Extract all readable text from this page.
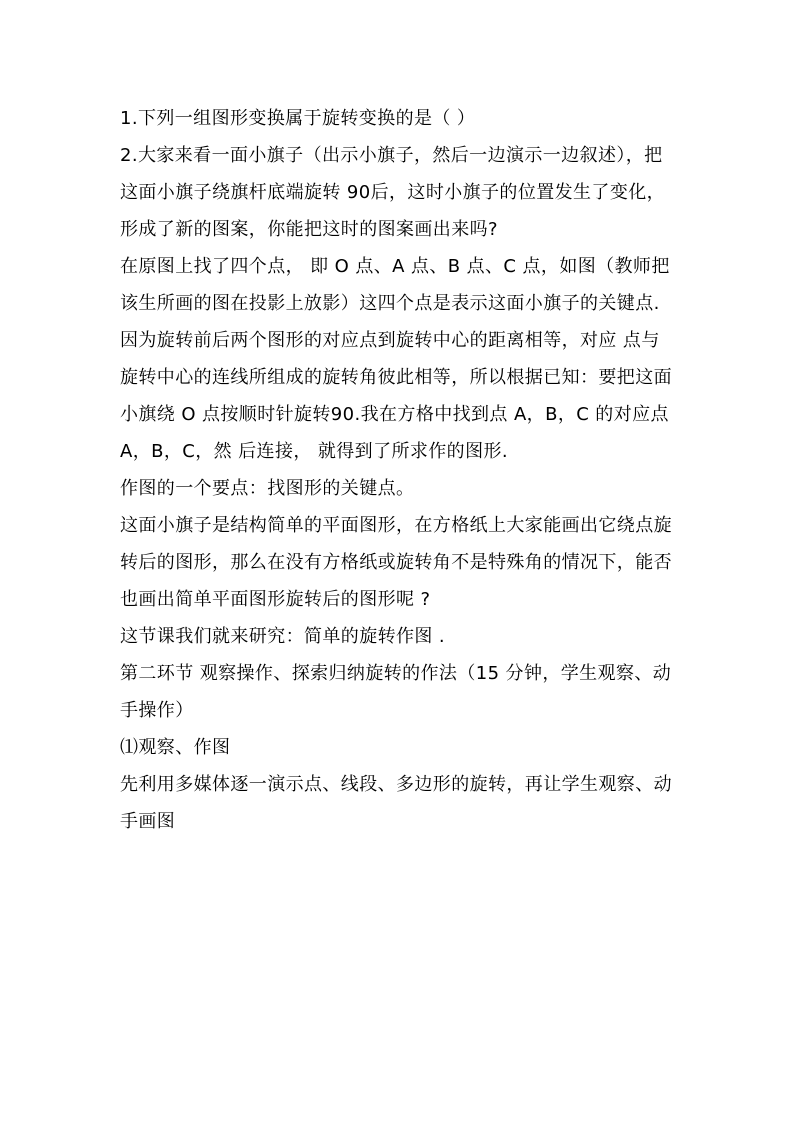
1.下列一组图形变换属于旋转变换的是（ ）

2.大家来看一面小旗子（出示小旗子，然后一边演示一边叙述），把这面小旗子绕旗杆底端旋转 90后，这时小旗子的位置发生了变化，形成了新的图案，你能把这时的图案画出来吗?

在原图上找了四个点， 即 O 点、A 点、B 点、C 点，如图（教师把该生所画的图在投影上放影）这四个点是表示这面小旗子的关键点.因为旋转前后两个图形的对应点到旋转中心的距离相等，对应 点与旋转中心的连线所组成的旋转角彼此相等，所以根据已知：要把这面小旗绕 O 点按顺时针旋转90.我在方格中找到点 A，B，C 的对应点 A，B，C，然 后连接， 就得到了所求作的图形.

作图的一个要点：找图形的关键点。

这面小旗子是结构简单的平面图形，在方格纸上大家能画出它绕点旋转后的图形，那么在没有方格纸或旋转角不是特殊角的情况下，能否也画出简单平面图形旋转后的图形呢 ?

这节课我们就来研究：简单的旋转作图 .

第二环节 观察操作、探索归纳旋转的作法（15 分钟，学生观察、动手操作）

⑴观察、作图

先利用多媒体逐一演示点、线段、多边形的旋转，再让学生观察、动手画图
